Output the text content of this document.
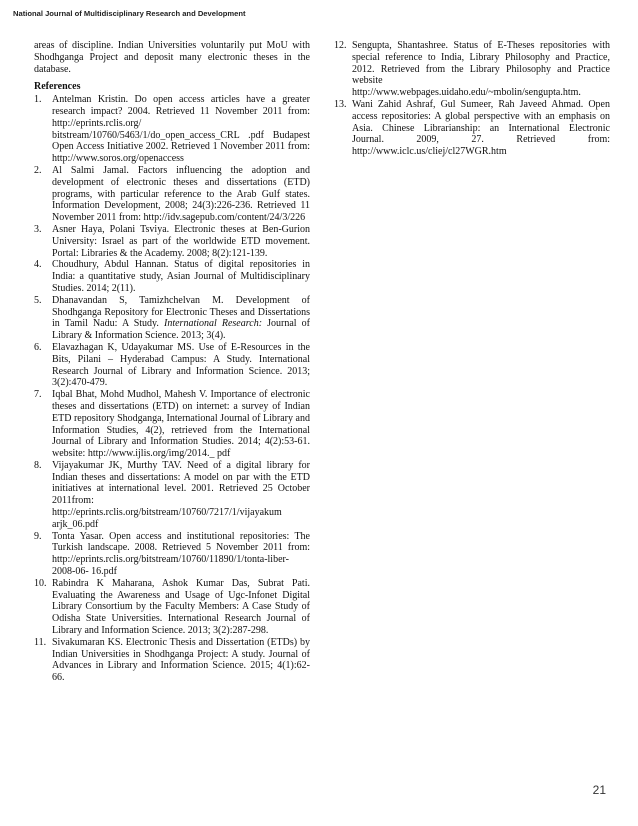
National Journal of Multidisciplinary Research and Development

areas of discipline. Indian Universities voluntarily put MoU with Shodhganga Project and deposit many electronic theses in the database.

References
1. Antelman Kristin. Do open access articles have a greater research impact? 2004. Retrieved 11 November 2011 from: http://eprints.rclis.org/ bitstream/10760/5463/1/do_open_access_CRL .pdf Budapest Open Access Initiative 2002. Retrieved 1 November 2011 from: http://www.soros.org/openaccess
2. Al Salmi Jamal. Factors influencing the adoption and development of electronic theses and dissertations (ETD) programs, with particular reference to the Arab Gulf states. Information Development, 2008; 24(3):226-236. Retrieved 11 November 2011 from: http://idv.sagepub.com/content/24/3/226
3. Asner Haya, Polani Tsviya. Electronic theses at Ben-Gurion University: Israel as part of the worldwide ETD movement. Portal: Libraries & the Academy. 2008; 8(2):121-139.
4. Choudhury, Abdul Hannan. Status of digital repositories in India: a quantitative study, Asian Journal of Multidisciplinary Studies. 2014; 2(11).
5. Dhanavandan S, Tamizhchelvan M. Development of Shodhganga Repository for Electronic Theses and Dissertations in Tamil Nadu: A Study. International Research: Journal of Library & Information Science. 2013; 3(4).
6. Elavazhagan K, Udayakumar MS. Use of E-Resources in the Bits, Pilani – Hyderabad Campus: A Study. International Research Journal of Library and Information Science. 2013; 3(2):470-479.
7. Iqbal Bhat, Mohd Mudhol, Mahesh V. Importance of electronic theses and dissertations (ETD) on internet: a survey of Indian ETD repository Shodganga, International Journal of Library and Information Studies, 4(2), retrieved from the International Journal of Library and Information Studies. 2014; 4(2):53-61. website: http://www.ijlis.org/img/2014._ pdf
8. Vijayakumar JK, Murthy TAV. Need of a digital library for Indian theses and dissertations: A model on par with the ETD initiatives at international level. 2001. Retrieved 25 October 2011from: http://eprints.rclis.org/bitstream/10760/7217/1/vijayakum arjk_06.pdf
9. Tonta Yasar. Open access and institutional repositories: The Turkish landscape. 2008. Retrieved 5 November 2011 from: http://eprints.rclis.org/bitstream/10760/11890/1/tonta-liber-2008-06- 16.pdf
10. Rabindra K Maharana, Ashok Kumar Das, Subrat Pati. Evaluating the Awareness and Usage of Ugc-Infonet Digital Library Consortium by the Faculty Members: A Case Study of Odisha State Universities. International Research Journal of Library and Information Science. 2013; 3(2):287-298.
11. Sivakumaran KS. Electronic Thesis and Dissertation (ETDs) by Indian Universities in Shodhganga Project: A study. Journal of Advances in Library and Information Science. 2015; 4(1):62-66.
12. Sengupta, Shantashree. Status of E-Theses repositories with special reference to India, Library Philosophy and Practice, 2012. Retrieved from the Library Philosophy and Practice website http://www.webpages.uidaho.edu/~mbolin/sengupta.htm.
13. Wani Zahid Ashraf, Gul Sumeer, Rah Javeed Ahmad. Open access repositories: A global perspective with an emphasis on Asia. Chinese Librarianship: an International Electronic Journal. 2009, 27. Retrieved from: http://www.iclc.us/cliej/cl27WGR.htm
21
